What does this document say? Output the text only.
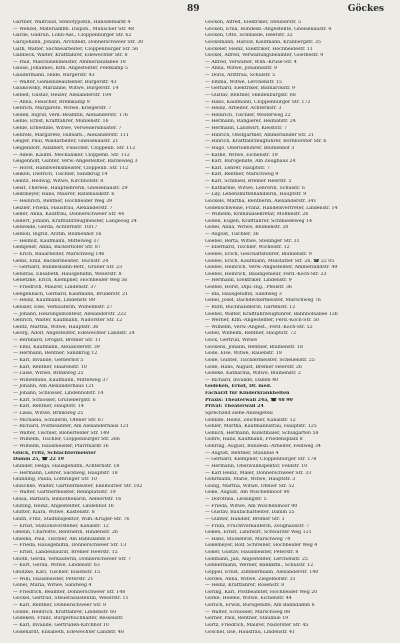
89	Göckes
Gärtner, Waltraud, Stenotypistin, Hansdemarkt 4
— Wenzel, Materialkfm. Dispon., Munscher Str. 48
Gärde, Gudrun, Lohn-Ass., Cloppenburger Str. 62
Gärsjohann, Johann, Architekt, Donnerschweer Str. 30
Gäth, Walter, Sachbearbeiter, Cloppenburger Str. 56
Gaßbeck, Walter, Kraftfahrer, Edewechter Str. 8
— Paul, Maschinenmeister, Ammerlandallee 18
Gause, Johannes, Kfm. Angestellter, Feldkamp 5
Gaudermann, Hilde, Bürgerstr. 43
— Walter, Gemeindeaufseher, Bürgerstr. 43
Gaukowsky, Marianne, Witwe, Bürgerstr. 14
Gebelt, Gustav, Heizer, Alexanderstr. 104
— Anna, Fleischer, Bremkamp 9
Gebrich, Margarete, Witwe, Kriegerstr. 7
Gedek, Ingrid, Verk.-Beamtin, Alexanderstr. 176
Gehle, Ernst, Kraftfahrer, Mühlenstr. 16
Gehle, Ernestine, Witwe, Verweilersmuster. 7
Gehrels, Margarete, Hilfsarb., Alexanderstr. 111
Geiger, Paul, Waldarbeiter, Gneisenaustr. 21
Geigendorf, Adalbert, Fleischer, Cloppenb. Str. 112
— Adele, Kaufm. Mechaniker, Cloppenb. Str. 112
Geigenhoff, Günter, Verw.-Angestellter, Bardewieg 3
— Horst, Handwerksmeister, Cloppenb. Str. 112
Geiken, Dietrich, Tischler, Sandkrug 14
Geintz, Hedwig, Witwe, Kirchhofstr. 8
Geist, Therese, Hauptlehrerin, Gneisenaustr. 29
Geißmeyer, Hans, Maurer, Ratsmusikstr. 6
— Heinrich, Rentner, Hochheider Weg 39
Geizler, Frieda, Hausfrau, Alexanderstr. 7
Geller, Anna, Kauffrau, Donnerschweer Str. 44
Gellert, Johann, Kraftfahrzeugmeister, Langeoog 24
Gelweide, Gerda, Achternstr. 10/17
Gemoll, Ingrid, Ärztin, Blumenhof 16
— Helmut, Kaufmann, Mittelweg 37
Gempeler, Anna, Bäckerhöfer Str. 87
— Erich, Bauarbeiter, Marschweg 146
Gems, Emil, Bäckermeister, Teichstr. 24
— Gerhard, Bundesbahn-Betr., Grüner Str. 23
Gendras, Elisabeth, Hausgehilfin, Weserstr. 8
Genetzke, Erich, Klempner, Hochheider Weg 56
— Friedrich, Maurer, Lindenstr. 37
Gengenbach, Gerhard, Kaufmann, Brüderstr. 21
— Heinz, Kaufmann, Lindenstr. 89
Gensler, Else, Verkäuferin, Wilhelmstr. 27
— Johann, Heizungsmonteur, Alexanderstr. 222
Genrich, Walter, Kaufmann, Nadorster Str. 12
Gentz, Martha, Witwe, Hauptstr. 36
Georg, Adolf, Angestellter, Edewechter Landstr. 24
— Bernhard, Drogist, Bremer Str. 11
— Emil, Kaufmann, Alexanderstr. 39
— Hermann, Rentner, Sandkrug 12
— Karl, Invalide, Gerberhof 5
— Karl, Rentner, Haarenstr. 10
— Luise, Witwe, Brinkweg 25
— Wilhelmine, Kaufmann, Mittelweg 37
— Johann, Am Alexanderhaus 121
— Johann, Schlosser, Lindenhofstr. 14
— Karl, Schlosser, Grünebergstr. 6
— Karl, Rentner, Hauptstr. 14
— Liesa, Witwe, Brinkweg 25
— Michaela, Schülerin, Ofener Str. 67
— Richard, Postbeamter, Am Alexanderhaus 121
— Walter, Tischler, Bloherfelder Str. 149
— Wilhelm, Tischler, Cloppenburger Str. 266
— Wilhelm, Hausmeister, Pfarrmarkt 16
Glück, Fritz, Schlachtermeister
Damm 25, ☎ 22 19
Glunder, Helga, Hausgehilfin, Achternstr. 18
— Hermann, Lehrer, Sackweg, Hauptstr. 18
Glunding, Paula, Lothringer Str. 10
Gluschke, Walter, Gärtnermeister, Ekelhörner Str. 102
— Walter, Gärtnermeister, Rennplatzstr. 19
Glusa, Barbara, Bibliothekarin, Aeblertstr. 16
Gluting, Heinz, Angestellter, Lindenhof 16
Glutter, Klara, Witwe, Kastellstr. 8
Gluth, Fritz, Stadtinspektor, Wilh.-Krüger-Str. 76
— Ernst, Stationsvorsteher, Kanalstr. 12
Gmelin, Charlotte, Rentnerin, Hindenstr. 26
Gnielka, Paul, Tischler, Am Bahndamm 8
— Frieda, Hausgehilfin, Donnerschweer Str. 13
— Ernst, Landesbaurat, Bremer Heerstr. 15
Gnoth, Gerda, Verkäuferin, Donnerschweer Str. 7
— Kurt, Gerda, Witwe, Lindenstr. 63
Gnutzke, Karl, Tischler, Elisenstr. 15
— Willi, Hausmeister, Peterstr. 21
Gobel, Maria, Witwe, Sandweg 4
— Friedrich, Beamter, Donnerschweer Str. 148
Gockel, Gertrud, Steuerassistentin, Weserstr. 11
— Karl, Rentner, Donnerschweer Str. 8
Godde, Heinrich, Kraftfahrer, Lindenstr. 60
Godeken, Franz, Bürgerbuchhalter, Bessellstr.
— Karl, Invalide, Gertruden-Kirchhof 10
Godehardt, Elisabeth, Edewechter Landstr. 48
Göcken, Alfred, Elektriker, Steuberstr. 5
Göcken, Erna, Bundesb.-Angestellte, Gneisenaustr. 4
Göcken, Otto, Schmiede, Heerstr. 32
Göckemann, Harold, Kaufmann, Kranbergstr. 35
Göckeler, Heinz, Elektriker, Hochheidestr. 11
Göckel, Alfred, Verwaltungsbeamter, Goethestr. 9
— Alfred, Verwalter, Wilh.-Kruse-Str. 4
— Anna, Witwe, Johannisstr. 9
— Doris, Arztfrau, Schulstr. 5
— Emma, Witwe, Lerchenstr. 15
— Gerhard, Elektriker, Bismarckstr. 9
— Gustav, Rentner, Hindenburgstr. 68
— Hans, Kaufmann, Cloppenburger Str. 172
— Heinz, Arbeiter, Achternstr. 3
— Heinrich, Tischler, Westerweg 22
— Hermann, Rangierer, Heimatstr. 24
— Hermann, Landwirt, Kleiststr. 7
— Hinrich, Obstgärtner, Ammerländer Str. 21
— Hinrich, Kraftfahrzeugführer, Bornhorster Str. 6
— Hugo, Oberlokführer, Blumenhof 3
— Käthe, Witwe, Eichenstr. 19
— Karl, Bürogehilfe, Am Zeughaus 24
— Karl, Lehrer, Hauptstr. 7
— Karl, Rentner, Marschweg 9
— Karl, Schmied, Bremer Heerstr. 5
— Katharine, Witwe, Lehrerin, Schulstr. 6
— Lily, Lebensmittelhändlerin, Hauptstr. 9
Göckels, Martha, Rentnerin, Alexanderstr. 341
Gödenschweine, Franz, Handelsvertreter, Lindenstr. 14
— Wilhelm, Kriminalsekretär, Moltkestr. 26
Göden, Eugen, Kraftfahrer, Schmiedeweg 14
Gödel, Anna, Witwe, Blumenstr. 20
— August, Tischler, 36
Goebel, Berta, Witwe, Stedinger Str. 31
— Eberhard, Tischler, Wichelstr. 12
Goebel, Erich, Geschäftsführer, Blumenstr. 9
Goebel, Erich, Kaufmann, Millstätter Str. 26, ☎ 22 05
Goebel, Heinrich, Verw.-Angestellter, Ammerlandstr. 49
Goebel, Heinrich, Bauingenieur, Ferd.-Koch-Str. 23
— Hermann, Elektriker, Lindenstr. 9
Goebel, Horst, Dipl.-Ing., Pfeilstr. 36
— Ida, Hausgehilfin, Sandweg 3
Göbel, Josef, Dachdeckermeister, Marschweg 76
— Ruth, Buchhändlerin, Gartenstr. 12
Goebel, Walter, Kraftfahrzeugführer, Bahnhofsallee 126
— Werner, Kfm.-Angestellter, Ferd.-Koch-Str. 50
— Wilhelm, Verw.-Angest., Ferd.-Koch-Str. 52
Göbel, Wilhelm, Rentner, Hauptstr. 72
Göck, Gertrud, Witwe
Göckens, Johann, Rentner, Blumenstr. 18
Göde, Else, Witwe, Rauenstr. 19
Göde, Günter, Tischlermeister, Schellenstr. 25
Göde, Hans, August, Bremer Heerstr. 26
Gödeke, Katharina, Witwe, Blumenstr. 2
— Richard, Invalide, Damm 40
Gödeken, Ernst, Dr. med.
Facharzt für Kinderkrankheiten
Praxis: Theaterwall 24a, ☎ 48 90
Privat: Theaterwall 24
Sprechzeit siehe Anzeigeteil
Göhlide, Heinz, Zeichner, Kanalstr. 12
Göhler, Martha, Kaufmannsfrau, Hauptstr. 125
Göhlich, Hermann, Kunstmaler, Schulgarten 58
Göhre, Hans, Kaufmann, Friedensplatz 8
Göhring, August, Bundesb.-Arbeiter, Feldweg 34
— August, Rentner, Staulinie 4
— Gerhard, Klempner, Cloppenburger Str. 178
— Hermann, Oberzollinspektor, Feldstr. 10
— Karl Heinz, Maler, Donnerschweer Str. 33
Göhrmann, Marie, Witwe, Hauptstr. 3
Göing, Martha, Witwe, Ofener Str. 52
Göke, August, Am Wischenmoor 90
— Dorothea, Lessingstr. 5
— Frieda, Witwe, Am Wischenmoor 90
— Gustav, Baufacharbeiter, Damm 55
— Günter, Händler, Bremer Str. 1
— Frida, Fruchtverkäuferin, Zeughausstr. 7
Göken, Ernst, Landwirt, Schwarzer Weg 121
— Hans, Studienrat, Marschweg 74
Gökemeyer, Rolf, Schreiner, Hochheider Weg 4
Göker, Gustav, Hausmeister, Peterstr. 8
Göllmann, Jan, Angestellter, Lerchenstr. 25
Gönnermann, Werner, Bankkfm., Schulstr. 12
Göppel, Ernst, Zimmermann, Alexanderstr. 140
Gördes, Anna, Witwe, Ziegelhofstr. 31
— Heinz, Kraftfahrer, Rosenstr. 8
Göring, Karl, Postbeamter, Hochheider Weg 20
Görke, Helene, Witwe, Eichenstr. 44
Görlich, Erwin, Bürogehilfe, Am Bahndamm 6
— Walter, Schlosser, Marschweg 88
Görner, Paul, Rentner, Staulinie 19
Görtz, Friedrich, Maurer, Nadorster Str. 45
Göschel, Ilse, Hausfrau, Lindenstr. 41
